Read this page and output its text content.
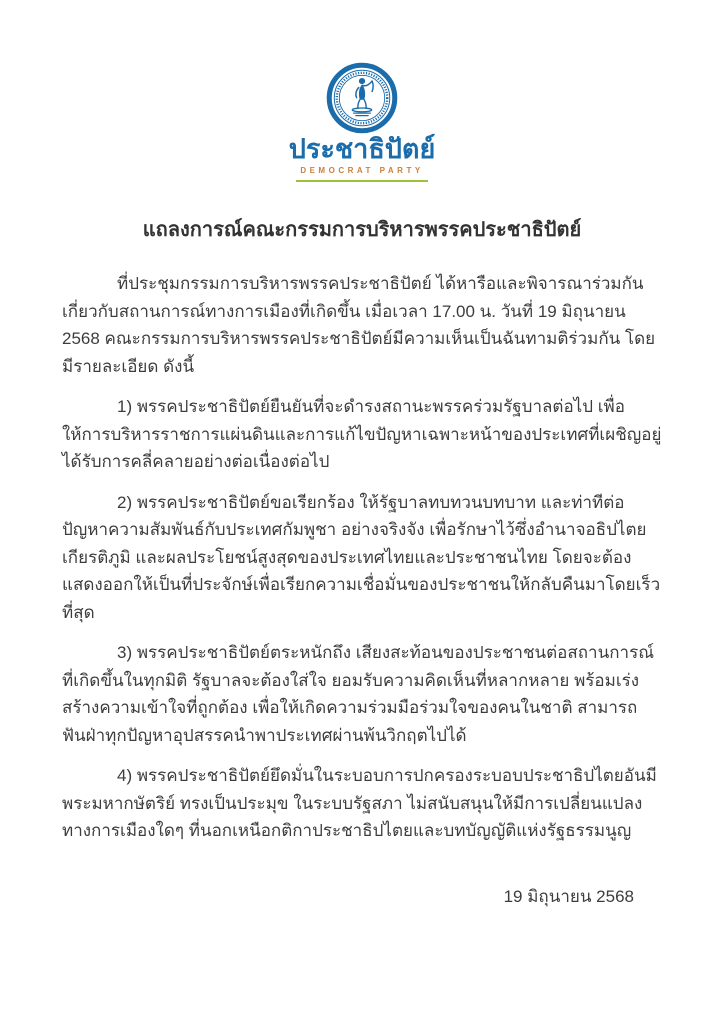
ประชาธิปัตย์
DEMOCRAT PARTY
แถลงการณ์คณะกรรมการบริหารพรรคประชาธิปัตย์

ที่ประชุมกรรมการบริหารพรรคประชาธิปัตย์ ได้หารือและพิจารณาร่วมกัน เกี่ยวกับสถานการณ์ทางการเมืองที่เกิดขึ้น เมื่อเวลา 17.00 น. วันที่ 19 มิถุนายน 2568 คณะกรรมการบริหารพรรคประชาธิปัตย์มีความเห็นเป็นฉันทามติร่วมกัน โดยมีรายละเอียด ดังนี้

1) พรรคประชาธิปัตย์ยืนยันที่จะดำรงสถานะพรรคร่วมรัฐบาลต่อไป เพื่อให้การบริหารราชการแผ่นดินและการแก้ไขปัญหาเฉพาะหน้าของประเทศที่เผชิญอยู่ได้รับการคลี่คลายอย่างต่อเนื่องต่อไป

2) พรรคประชาธิปัตย์ขอเรียกร้อง ให้รัฐบาลทบทวนบทบาท และท่าทีต่อปัญหาความสัมพันธ์กับประเทศกัมพูชา อย่างจริงจัง เพื่อรักษาไว้ซึ่งอำนาจอธิปไตย เกียรติภูมิ และผลประโยชน์สูงสุดของประเทศไทยและประชาชนไทย โดยจะต้องแสดงออกให้เป็นที่ประจักษ์เพื่อเรียกความเชื่อมั่นของประชาชนให้กลับคืนมาโดยเร็วที่สุด

3) พรรคประชาธิปัตย์ตระหนักถึง เสียงสะท้อนของประชาชนต่อสถานการณ์ที่เกิดขึ้นในทุกมิติ รัฐบาลจะต้องใส่ใจ ยอมรับความคิดเห็นที่หลากหลาย พร้อมเร่งสร้างความเข้าใจที่ถูกต้อง เพื่อให้เกิดความร่วมมือร่วมใจของคนในชาติ สามารถฟันฝ่าทุกปัญหาอุปสรรคนำพาประเทศผ่านพ้นวิกฤตไปได้

4) พรรคประชาธิปัตย์ยึดมั่นในระบอบการปกครองระบอบประชาธิปไตยอันมีพระมหากษัตริย์ ทรงเป็นประมุข ในระบบรัฐสภา ไม่สนับสนุนให้มีการเปลี่ยนแปลงทางการเมืองใดๆ ที่นอกเหนือกติกาประชาธิปไตยและบทบัญญัติแห่งรัฐธรรมนูญ

19 มิถุนายน 2568
